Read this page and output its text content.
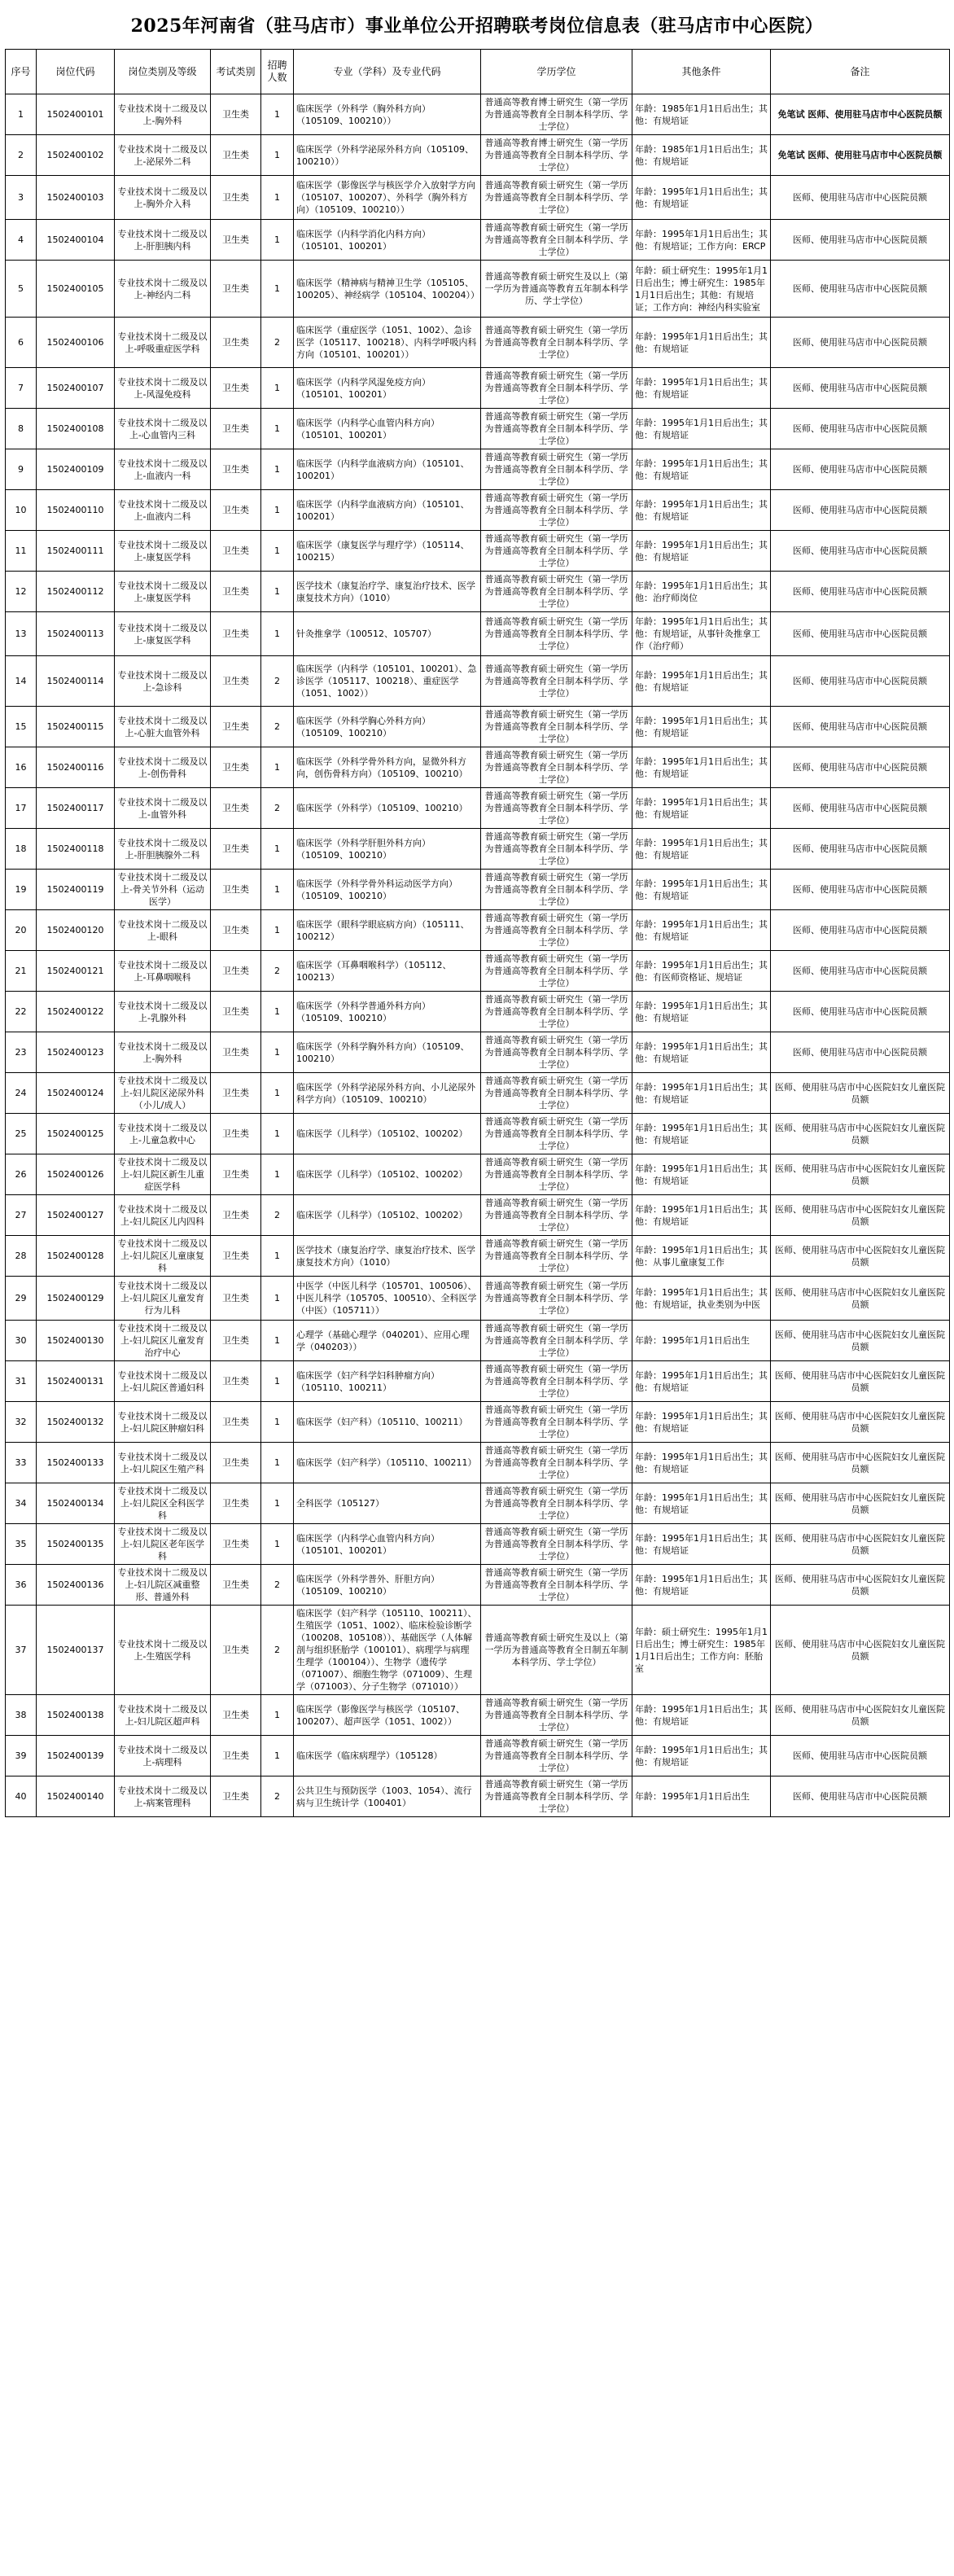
2025年河南省（驻马店市）事业单位公开招聘联考岗位信息表（驻马店市中心医院）
序号	岗位代码	岗位类别及等级	考试类别	招聘人数	专业（学科）及专业代码	学历学位	其他条件	备注
1	1502400101	专业技术岗十二级及以上-胸外科	卫生类	1	临床医学（外科学（胸外科方向）（105109、100210））	普通高等教育博士研究生（第一学历为普通高等教育全日制本科学历、学士学位）	年龄：1985年1月1日后出生；其他：有规培证	免笔试 医师、使用驻马店市中心医院员额
2	1502400102	专业技术岗十二级及以上-泌尿外二科	卫生类	1	临床医学（外科学泌尿外科方向（105109、100210））	普通高等教育博士研究生（第一学历为普通高等教育全日制本科学历、学士学位）	年龄：1985年1月1日后出生；其他：有规培证	免笔试 医师、使用驻马店市中心医院员额
3	1502400103	专业技术岗十二级及以上-胸外介入科	卫生类	1	临床医学（影像医学与核医学介入放射学方向（105107、100207）、外科学（胸外科方向）（105109、100210））	普通高等教育硕士研究生（第一学历为普通高等教育全日制本科学历、学士学位）	年龄：1995年1月1日后出生；其他：有规培证	医师、使用驻马店市中心医院员额
4	1502400104	专业技术岗十二级及以上-肝胆胰内科	卫生类	1	临床医学（内科学消化内科方向）（105101、100201）	普通高等教育硕士研究生（第一学历为普通高等教育全日制本科学历、学士学位）	年龄：1995年1月1日后出生；其他：有规培证；工作方向：ERCP	医师、使用驻马店市中心医院员额
5	1502400105	专业技术岗十二级及以上-神经内二科	卫生类	1	临床医学（精神病与精神卫生学（105105、100205）、神经病学（105104、100204））	普通高等教育硕士研究生及以上（第一学历为普通高等教育五年制本科学历、学士学位）	年龄：硕士研究生：1995年1月1日后出生；博士研究生：1985年1月1日后出生；其他：有规培证；工作方向：神经内科实验室	医师、使用驻马店市中心医院员额
6	1502400106	专业技术岗十二级及以上-呼吸重症医学科	卫生类	2	临床医学（重症医学（1051、1002）、急诊医学（105117、100218）、内科学呼吸内科方向（105101、100201））	普通高等教育硕士研究生（第一学历为普通高等教育全日制本科学历、学士学位）	年龄：1995年1月1日后出生；其他：有规培证	医师、使用驻马店市中心医院员额
7	1502400107	专业技术岗十二级及以上-风湿免疫科	卫生类	1	临床医学（内科学风湿免疫方向）（105101、100201）	普通高等教育硕士研究生（第一学历为普通高等教育全日制本科学历、学士学位）	年龄：1995年1月1日后出生；其他：有规培证	医师、使用驻马店市中心医院员额
8	1502400108	专业技术岗十二级及以上-心血管内三科	卫生类	1	临床医学（内科学心血管内科方向）（105101、100201）	普通高等教育硕士研究生（第一学历为普通高等教育全日制本科学历、学士学位）	年龄：1995年1月1日后出生；其他：有规培证	医师、使用驻马店市中心医院员额
9	1502400109	专业技术岗十二级及以上-血液内一科	卫生类	1	临床医学（内科学血液病方向）（105101、100201）	普通高等教育硕士研究生（第一学历为普通高等教育全日制本科学历、学士学位）	年龄：1995年1月1日后出生；其他：有规培证	医师、使用驻马店市中心医院员额
10	1502400110	专业技术岗十二级及以上-血液内二科	卫生类	1	临床医学（内科学血液病方向）（105101、100201）	普通高等教育硕士研究生（第一学历为普通高等教育全日制本科学历、学士学位）	年龄：1995年1月1日后出生；其他：有规培证	医师、使用驻马店市中心医院员额
11	1502400111	专业技术岗十二级及以上-康复医学科	卫生类	1	临床医学（康复医学与理疗学）（105114、100215）	普通高等教育硕士研究生（第一学历为普通高等教育全日制本科学历、学士学位）	年龄：1995年1月1日后出生；其他：有规培证	医师、使用驻马店市中心医院员额
12	1502400112	专业技术岗十二级及以上-康复医学科	卫生类	1	医学技术（康复治疗学、康复治疗技术、医学康复技术方向）（1010）	普通高等教育硕士研究生（第一学历为普通高等教育全日制本科学历、学士学位）	年龄：1995年1月1日后出生；其他：治疗师岗位	医师、使用驻马店市中心医院员额
13	1502400113	专业技术岗十二级及以上-康复医学科	卫生类	1	针灸推拿学（100512、105707）	普通高等教育硕士研究生（第一学历为普通高等教育全日制本科学历、学士学位）	年龄：1995年1月1日后出生；其他：有规培证，从事针灸推拿工作（治疗师）	医师、使用驻马店市中心医院员额
14	1502400114	专业技术岗十二级及以上-急诊科	卫生类	2	临床医学（内科学（105101、100201）、急诊医学（105117、100218）、重症医学（1051、1002））	普通高等教育硕士研究生（第一学历为普通高等教育全日制本科学历、学士学位）	年龄：1995年1月1日后出生；其他：有规培证	医师、使用驻马店市中心医院员额
15	1502400115	专业技术岗十二级及以上-心脏大血管外科	卫生类	2	临床医学（外科学胸心外科方向）（105109、100210）	普通高等教育硕士研究生（第一学历为普通高等教育全日制本科学历、学士学位）	年龄：1995年1月1日后出生；其他：有规培证	医师、使用驻马店市中心医院员额
16	1502400116	专业技术岗十二级及以上-创伤骨科	卫生类	1	临床医学（外科学骨外科方向，显微外科方向，创伤骨科方向）（105109、100210）	普通高等教育硕士研究生（第一学历为普通高等教育全日制本科学历、学士学位）	年龄：1995年1月1日后出生；其他：有规培证	医师、使用驻马店市中心医院员额
17	1502400117	专业技术岗十二级及以上-血管外科	卫生类	2	临床医学（外科学）（105109、100210）	普通高等教育硕士研究生（第一学历为普通高等教育全日制本科学历、学士学位）	年龄：1995年1月1日后出生；其他：有规培证	医师、使用驻马店市中心医院员额
18	1502400118	专业技术岗十二级及以上-肝胆胰腺外二科	卫生类	1	临床医学（外科学肝胆外科方向）（105109、100210）	普通高等教育硕士研究生（第一学历为普通高等教育全日制本科学历、学士学位）	年龄：1995年1月1日后出生；其他：有规培证	医师、使用驻马店市中心医院员额
19	1502400119	专业技术岗十二级及以上-骨关节外科（运动医学）	卫生类	1	临床医学（外科学骨外科运动医学方向）（105109、100210）	普通高等教育硕士研究生（第一学历为普通高等教育全日制本科学历、学士学位）	年龄：1995年1月1日后出生；其他：有规培证	医师、使用驻马店市中心医院员额
20	1502400120	专业技术岗十二级及以上-眼科	卫生类	1	临床医学（眼科学眼底病方向）（105111、100212）	普通高等教育硕士研究生（第一学历为普通高等教育全日制本科学历、学士学位）	年龄：1995年1月1日后出生；其他：有规培证	医师、使用驻马店市中心医院员额
21	1502400121	专业技术岗十二级及以上-耳鼻咽喉科	卫生类	2	临床医学（耳鼻咽喉科学）（105112、100213）	普通高等教育硕士研究生（第一学历为普通高等教育全日制本科学历、学士学位）	年龄：1995年1月1日后出生；其他：有医师资格证、规培证	医师、使用驻马店市中心医院员额
22	1502400122	专业技术岗十二级及以上-乳腺外科	卫生类	1	临床医学（外科学普通外科方向）（105109、100210）	普通高等教育硕士研究生（第一学历为普通高等教育全日制本科学历、学士学位）	年龄：1995年1月1日后出生；其他：有规培证	医师、使用驻马店市中心医院员额
23	1502400123	专业技术岗十二级及以上-胸外科	卫生类	1	临床医学（外科学胸外科方向）（105109、100210）	普通高等教育硕士研究生（第一学历为普通高等教育全日制本科学历、学士学位）	年龄：1995年1月1日后出生；其他：有规培证	医师、使用驻马店市中心医院员额
24	1502400124	专业技术岗十二级及以上-妇儿院区泌尿外科（小儿/成人）	卫生类	1	临床医学（外科学泌尿外科方向、小儿泌尿外科学方向）（105109、100210）	普通高等教育硕士研究生（第一学历为普通高等教育全日制本科学历、学士学位）	年龄：1995年1月1日后出生；其他：有规培证	医师、使用驻马店市中心医院妇女儿童医院员额
25	1502400125	专业技术岗十二级及以上-儿童急救中心	卫生类	1	临床医学（儿科学）（105102、100202）	普通高等教育硕士研究生（第一学历为普通高等教育全日制本科学历、学士学位）	年龄：1995年1月1日后出生；其他：有规培证	医师、使用驻马店市中心医院妇女儿童医院员额
26	1502400126	专业技术岗十二级及以上-妇儿院区新生儿重症医学科	卫生类	1	临床医学（儿科学）（105102、100202）	普通高等教育硕士研究生（第一学历为普通高等教育全日制本科学历、学士学位）	年龄：1995年1月1日后出生；其他：有规培证	医师、使用驻马店市中心医院妇女儿童医院员额
27	1502400127	专业技术岗十二级及以上-妇儿院区儿内四科	卫生类	2	临床医学（儿科学）（105102、100202）	普通高等教育硕士研究生（第一学历为普通高等教育全日制本科学历、学士学位）	年龄：1995年1月1日后出生；其他：有规培证	医师、使用驻马店市中心医院妇女儿童医院员额
28	1502400128	专业技术岗十二级及以上-妇儿院区儿童康复科	卫生类	1	医学技术（康复治疗学、康复治疗技术、医学康复技术方向）（1010）	普通高等教育硕士研究生（第一学历为普通高等教育全日制本科学历、学士学位）	年龄：1995年1月1日后出生；其他：从事儿童康复工作	医师、使用驻马店市中心医院妇女儿童医院员额
29	1502400129	专业技术岗十二级及以上-妇儿院区儿童发育行为儿科	卫生类	1	中医学（中医儿科学（105701、100506）、中医儿科学（105705、100510）、全科医学（中医）（105711））	普通高等教育硕士研究生（第一学历为普通高等教育全日制本科学历、学士学位）	年龄：1995年1月1日后出生；其他：有规培证，执业类别为中医	医师、使用驻马店市中心医院妇女儿童医院员额
30	1502400130	专业技术岗十二级及以上-妇儿院区儿童发育治疗中心	卫生类	1	心理学（基础心理学（040201）、应用心理学（040203））	普通高等教育硕士研究生（第一学历为普通高等教育全日制本科学历、学士学位）	年龄：1995年1月1日后出生	医师、使用驻马店市中心医院妇女儿童医院员额
31	1502400131	专业技术岗十二级及以上-妇儿院区普通妇科	卫生类	1	临床医学（妇产科学妇科肿瘤方向）（105110、100211）	普通高等教育硕士研究生（第一学历为普通高等教育全日制本科学历、学士学位）	年龄：1995年1月1日后出生；其他：有规培证	医师、使用驻马店市中心医院妇女儿童医院员额
32	1502400132	专业技术岗十二级及以上-妇儿院区肿瘤妇科	卫生类	1	临床医学（妇产科）（105110、100211）	普通高等教育硕士研究生（第一学历为普通高等教育全日制本科学历、学士学位）	年龄：1995年1月1日后出生；其他：有规培证	医师、使用驻马店市中心医院妇女儿童医院员额
33	1502400133	专业技术岗十二级及以上-妇儿院区生殖产科	卫生类	1	临床医学（妇产科学）（105110、100211）	普通高等教育硕士研究生（第一学历为普通高等教育全日制本科学历、学士学位）	年龄：1995年1月1日后出生；其他：有规培证	医师、使用驻马店市中心医院妇女儿童医院员额
34	1502400134	专业技术岗十二级及以上-妇儿院区全科医学科	卫生类	1	全科医学（105127）	普通高等教育硕士研究生（第一学历为普通高等教育全日制本科学历、学士学位）	年龄：1995年1月1日后出生；其他：有规培证	医师、使用驻马店市中心医院妇女儿童医院员额
35	1502400135	专业技术岗十二级及以上-妇儿院区老年医学科	卫生类	1	临床医学（内科学心血管内科方向）（105101、100201）	普通高等教育硕士研究生（第一学历为普通高等教育全日制本科学历、学士学位）	年龄：1995年1月1日后出生；其他：有规培证	医师、使用驻马店市中心医院妇女儿童医院员额
36	1502400136	专业技术岗十二级及以上-妇儿院区减重整形、普通外科	卫生类	2	临床医学（外科学普外、肝胆方向）（105109、100210）	普通高等教育硕士研究生（第一学历为普通高等教育全日制本科学历、学士学位）	年龄：1995年1月1日后出生；其他：有规培证	医师、使用驻马店市中心医院妇女儿童医院员额
37	1502400137	专业技术岗十二级及以上-生殖医学科	卫生类	2	临床医学（妇产科学（105110、100211）、生殖医学（1051、1002）、临床检验诊断学（100208、105108））、基础医学（人体解剖与组织胚胎学（100101）、病理学与病理生理学（100104））、生物学（遗传学（071007）、细胞生物学（071009）、生理学（071003）、分子生物学（071010））	普通高等教育硕士研究生及以上（第一学历为普通高等教育全日制五年制本科学历、学士学位）	年龄：硕士研究生：1995年1月1日后出生；博士研究生：1985年1月1日后出生；工作方向：胚胎室	医师、使用驻马店市中心医院妇女儿童医院员额
38	1502400138	专业技术岗十二级及以上-妇儿院区超声科	卫生类	1	临床医学（影像医学与核医学（105107、100207）、超声医学（1051、1002））	普通高等教育硕士研究生（第一学历为普通高等教育全日制本科学历、学士学位）	年龄：1995年1月1日后出生；其他：有规培证	医师、使用驻马店市中心医院妇女儿童医院员额
39	1502400139	专业技术岗十二级及以上-病理科	卫生类	1	临床医学（临床病理学）（105128）	普通高等教育硕士研究生（第一学历为普通高等教育全日制本科学历、学士学位）	年龄：1995年1月1日后出生；其他：有规培证	医师、使用驻马店市中心医院员额
40	1502400140	专业技术岗十二级及以上-病案管理科	卫生类	2	公共卫生与预防医学（1003、1054）、流行病与卫生统计学（100401）	普通高等教育硕士研究生（第一学历为普通高等教育全日制本科学历、学士学位）	年龄：1995年1月1日后出生	医师、使用驻马店市中心医院员额
